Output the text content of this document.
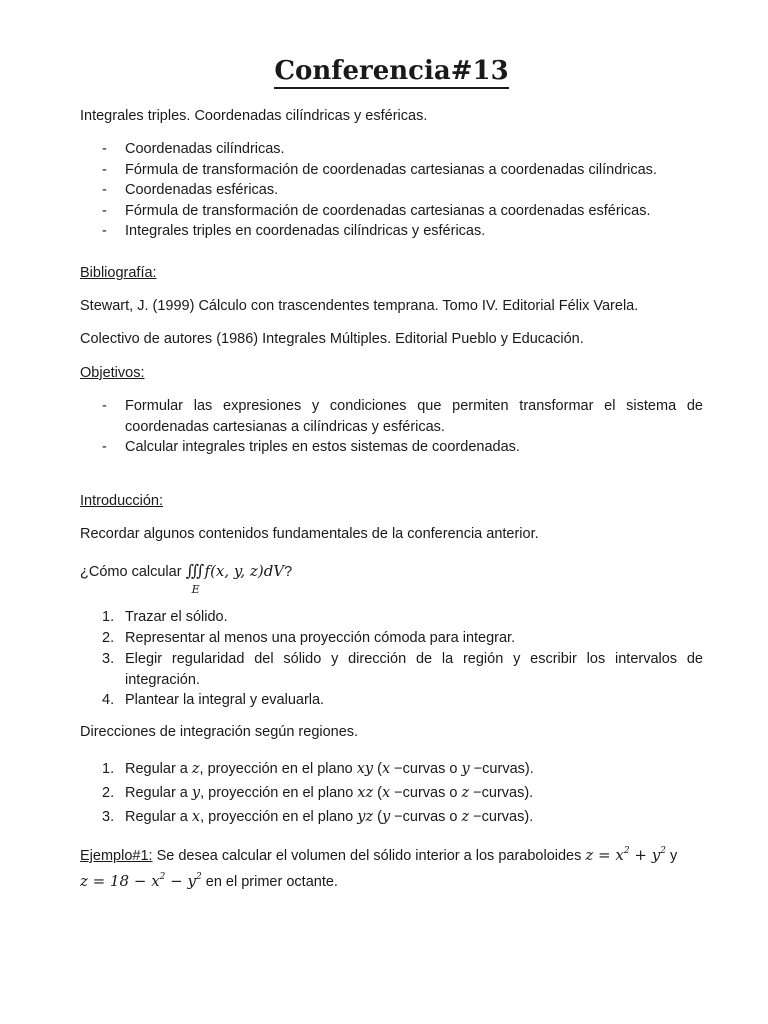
Conferencia#13
Integrales triples. Coordenadas cilíndricas y esféricas.
- Coordenadas cilíndricas.
- Fórmula de transformación de coordenadas cartesianas a coordenadas cilíndricas.
- Coordenadas esféricas.
- Fórmula de transformación de coordenadas cartesianas a coordenadas esféricas.
- Integrales triples en coordenadas cilíndricas y esféricas.
Bibliografía:
Stewart, J. (1999) Cálculo con trascendentes temprana. Tomo IV. Editorial Félix Varela.
Colectivo de autores (1986) Integrales Múltiples. Editorial Pueblo y Educación.
Objetivos:
- Formular las expresiones y condiciones que permiten transformar el sistema de coordenadas cartesianas a cilíndricas y esféricas.
- Calcular integrales triples en estos sistemas de coordenadas.
Introducción:
Recordar algunos contenidos fundamentales de la conferencia anterior.
¿Cómo calcular ∭
E
f(x, y, z)dV?
1. Trazar el sólido.
2. Representar al menos una proyección cómoda para integrar.
3. Elegir regularidad del sólido y dirección de la región y escribir los intervalos de integración.
4. Plantear la integral y evaluarla.
Direcciones de integración según regiones.
1. Regular a z, proyección en el plano xy (x −curvas o y −curvas).
2. Regular a y, proyección en el plano xz (x −curvas o z −curvas).
3. Regular a x, proyección en el plano yz (y −curvas o z −curvas).
Ejemplo#1: Se desea calcular el volumen del sólido interior a los paraboloides $z = x^2 + y^2$ y
$z = 18 - x^2 - y^2$ en el primer octante.
